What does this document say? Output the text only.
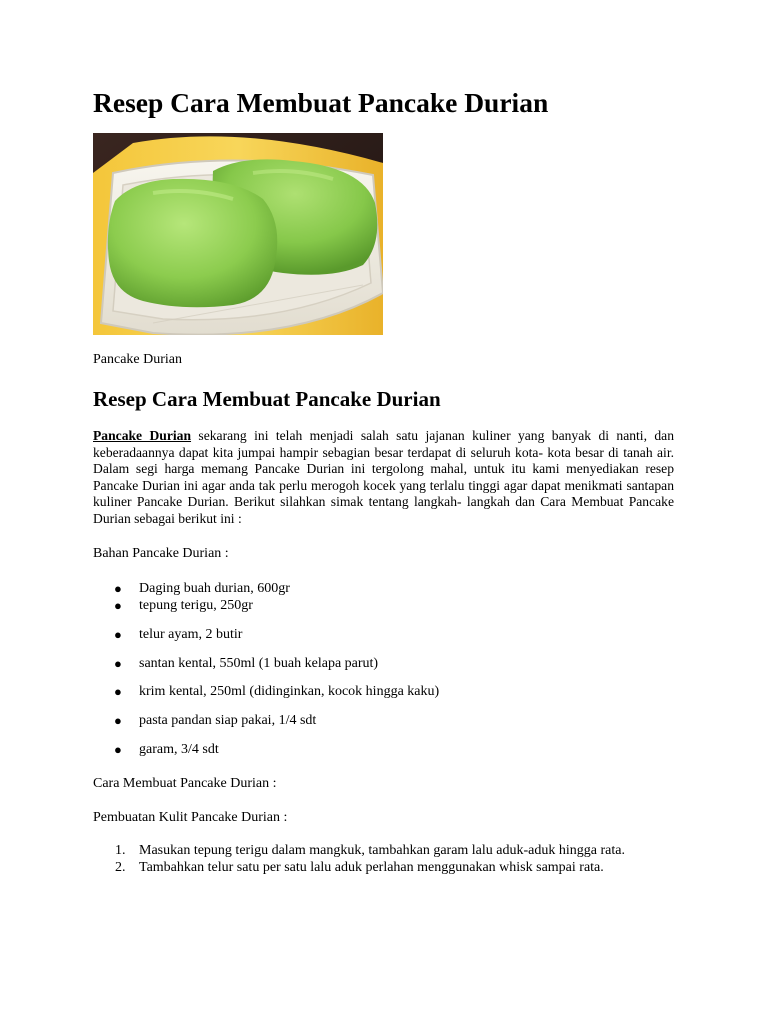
Resep Cara Membuat Pancake Durian
Pancake Durian
Resep Cara Membuat Pancake Durian

Pancake Durian sekarang ini telah menjadi salah satu jajanan kuliner yang banyak di nanti, dan keberadaannya dapat kita jumpai hampir sebagian besar terdapat di seluruh kota- kota besar di tanah air. Dalam segi harga memang Pancake Durian ini tergolong mahal, untuk itu kami menyediakan resep Pancake Durian ini agar anda tak perlu merogoh kocek yang terlalu tinggi agar dapat menikmati santapan kuliner Pancake Durian. Berikut silahkan simak tentang langkah- langkah dan Cara Membuat Pancake Durian sebagai berikut ini :

Bahan Pancake Durian :

● Daging buah durian, 600gr
● tepung terigu, 250gr
● telur ayam, 2 butir
● santan kental, 550ml (1 buah kelapa parut)
● krim kental, 250ml (didinginkan, kocok hingga kaku)
● pasta pandan siap pakai, 1/4 sdt
● garam, 3/4 sdt

Cara Membuat Pancake Durian :

Pembuatan Kulit Pancake Durian :

1. Masukan tepung terigu dalam mangkuk, tambahkan garam lalu aduk-aduk hingga rata.
2. Tambahkan telur satu per satu lalu aduk perlahan menggunakan whisk sampai rata.
